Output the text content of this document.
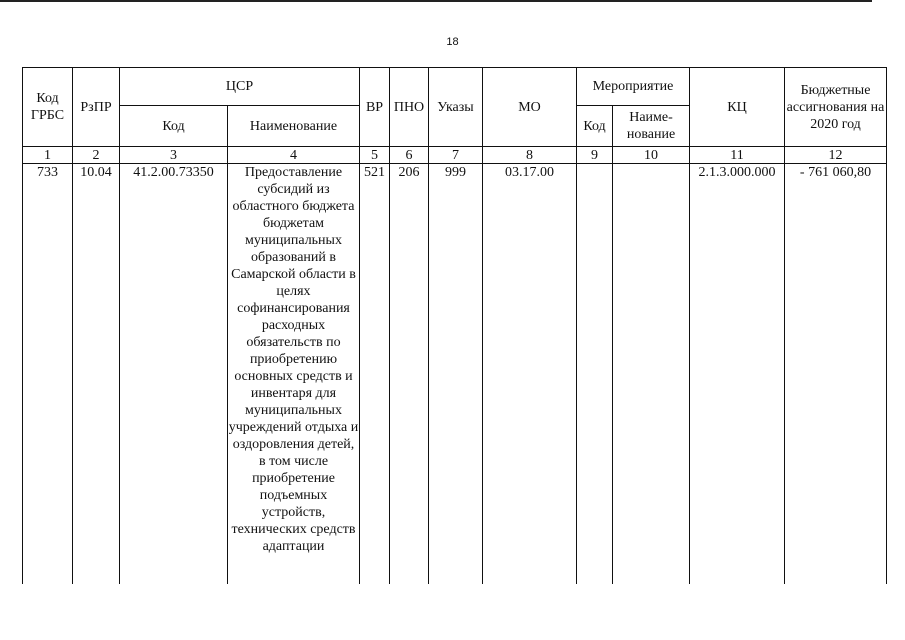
18
Код ГРБС	РзПР	ЦСР		ВР	ПНО	Указы	МО	Мероприятие		КЦ	Бюджетные ассигнования на 2020 год
		Код	Наименование					Код	Наиме- нование		
1	2	3	4	5	6	7	8	9	10	11	12
733	10.04	41.2.00.73350	Предоставление субсидий из областного бюджета бюджетам муниципальных образований в Самарской области в целях софинансирования расходных обязательств по приобретению основных средств и инвентаря для муниципальных учреждений отдыха и оздоровления детей, в том числе приобретение подъемных устройств, технических средств адаптации	521	206	999	03.17.00			2.1.3.000.000	- 761 060,80
